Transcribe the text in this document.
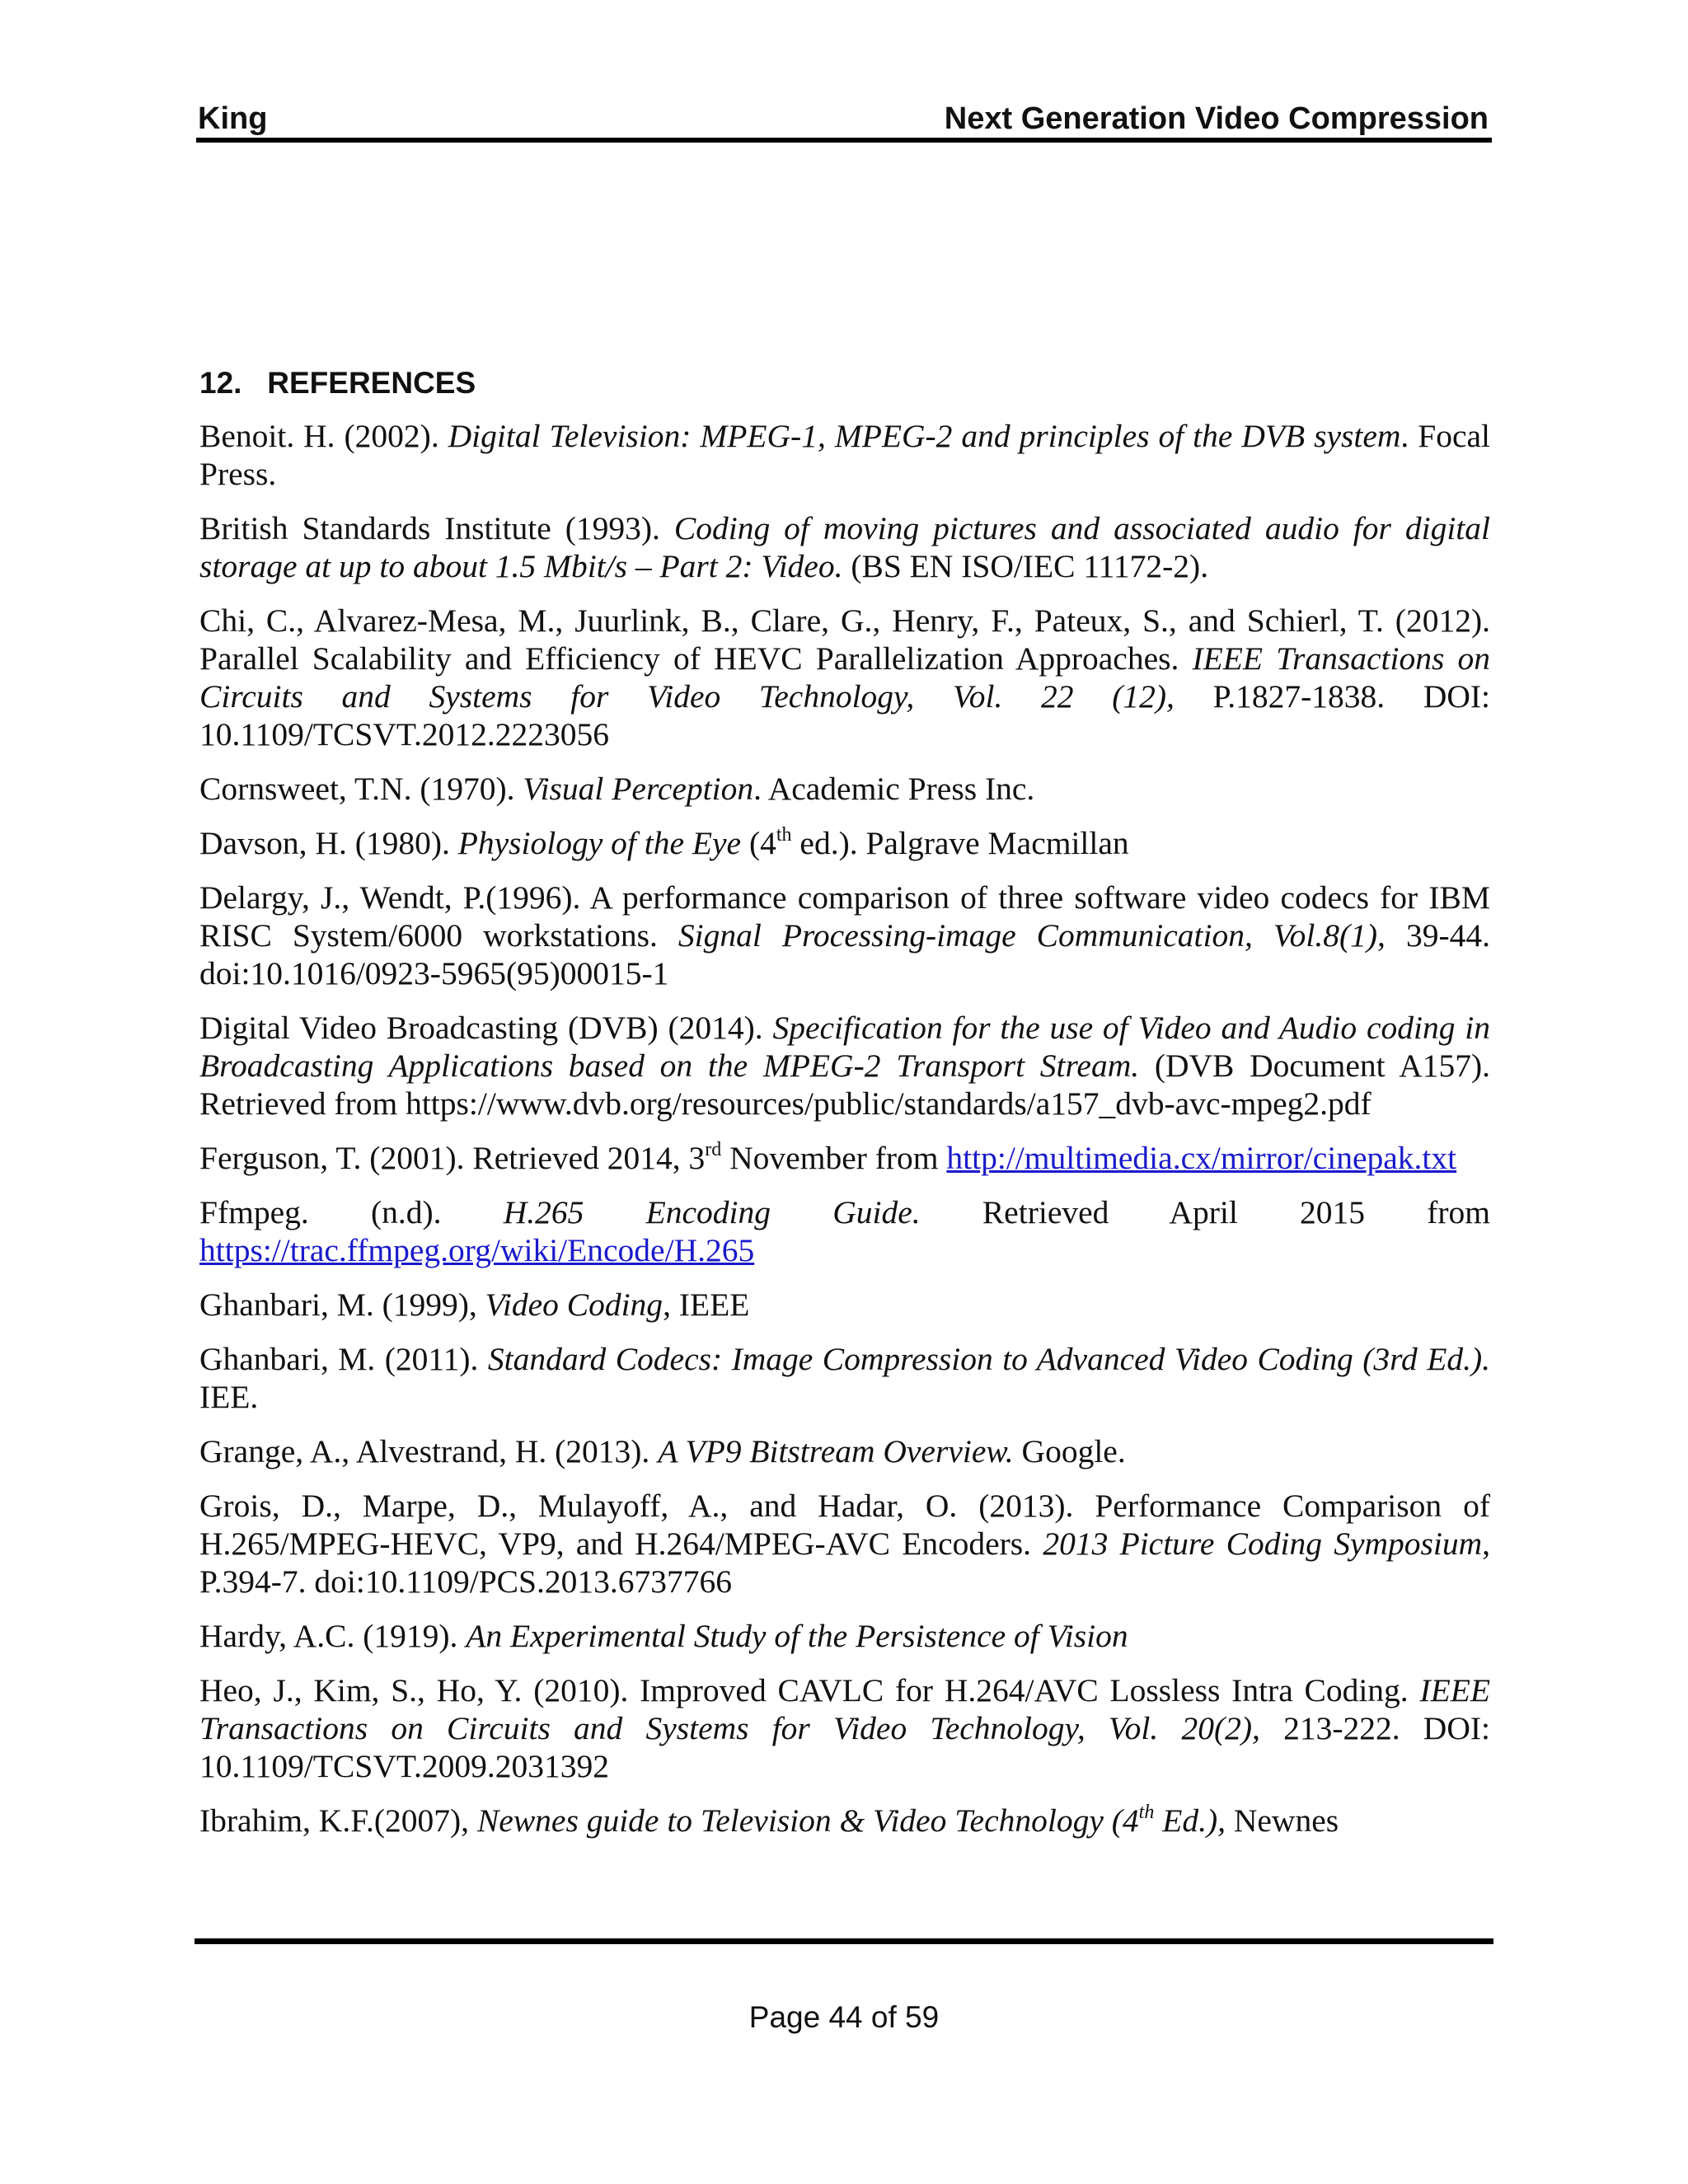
King	Next Generation Video Compression
12.   REFERENCES

Benoit. H. (2002). Digital Television: MPEG-1, MPEG-2 and principles of the DVB system. Focal Press.

British Standards Institute (1993). Coding of moving pictures and associated audio for digital storage at up to about 1.5 Mbit/s – Part 2: Video. (BS EN ISO/IEC 11172-2).

Chi, C., Alvarez-Mesa, M., Juurlink, B., Clare, G., Henry, F., Pateux, S., and Schierl, T. (2012). Parallel Scalability and Efficiency of HEVC Parallelization Approaches. IEEE Transactions on Circuits and Systems for Video Technology, Vol. 22 (12), P.1827-1838. DOI: 10.1109/TCSVT.2012.2223056

Cornsweet, T.N. (1970). Visual Perception. Academic Press Inc.

Davson, H. (1980). Physiology of the Eye (4th ed.). Palgrave Macmillan

Delargy, J., Wendt, P.(1996). A performance comparison of three software video codecs for IBM RISC System/6000 workstations. Signal Processing-image Communication, Vol.8(1), 39-44. doi:10.1016/0923-5965(95)00015-1

Digital Video Broadcasting (DVB) (2014). Specification for the use of Video and Audio coding in Broadcasting Applications based on the MPEG-2 Transport Stream. (DVB Document A157). Retrieved from https://www.dvb.org/resources/public/standards/a157_dvb-avc-mpeg2.pdf

Ferguson, T. (2001). Retrieved 2014, 3rd November from http://multimedia.cx/mirror/cinepak.txt

Ffmpeg. (n.d). H.265 Encoding Guide. Retrieved April 2015 from https://trac.ffmpeg.org/wiki/Encode/H.265

Ghanbari, M. (1999), Video Coding, IEEE

Ghanbari, M. (2011). Standard Codecs: Image Compression to Advanced Video Coding (3rd Ed.). IEE.

Grange, A., Alvestrand, H. (2013). A VP9 Bitstream Overview. Google.

Grois, D., Marpe, D., Mulayoff, A., and Hadar, O. (2013). Performance Comparison of H.265/MPEG-HEVC, VP9, and H.264/MPEG-AVC Encoders. 2013 Picture Coding Symposium, P.394-7. doi:10.1109/PCS.2013.6737766

Hardy, A.C. (1919). An Experimental Study of the Persistence of Vision

Heo, J., Kim, S., Ho, Y. (2010). Improved CAVLC for H.264/AVC Lossless Intra Coding. IEEE Transactions on Circuits and Systems for Video Technology, Vol. 20(2), 213-222. DOI: 10.1109/TCSVT.2009.2031392

Ibrahim, K.F.(2007), Newnes guide to Television & Video Technology (4th Ed.), Newnes

Page 44 of 59
